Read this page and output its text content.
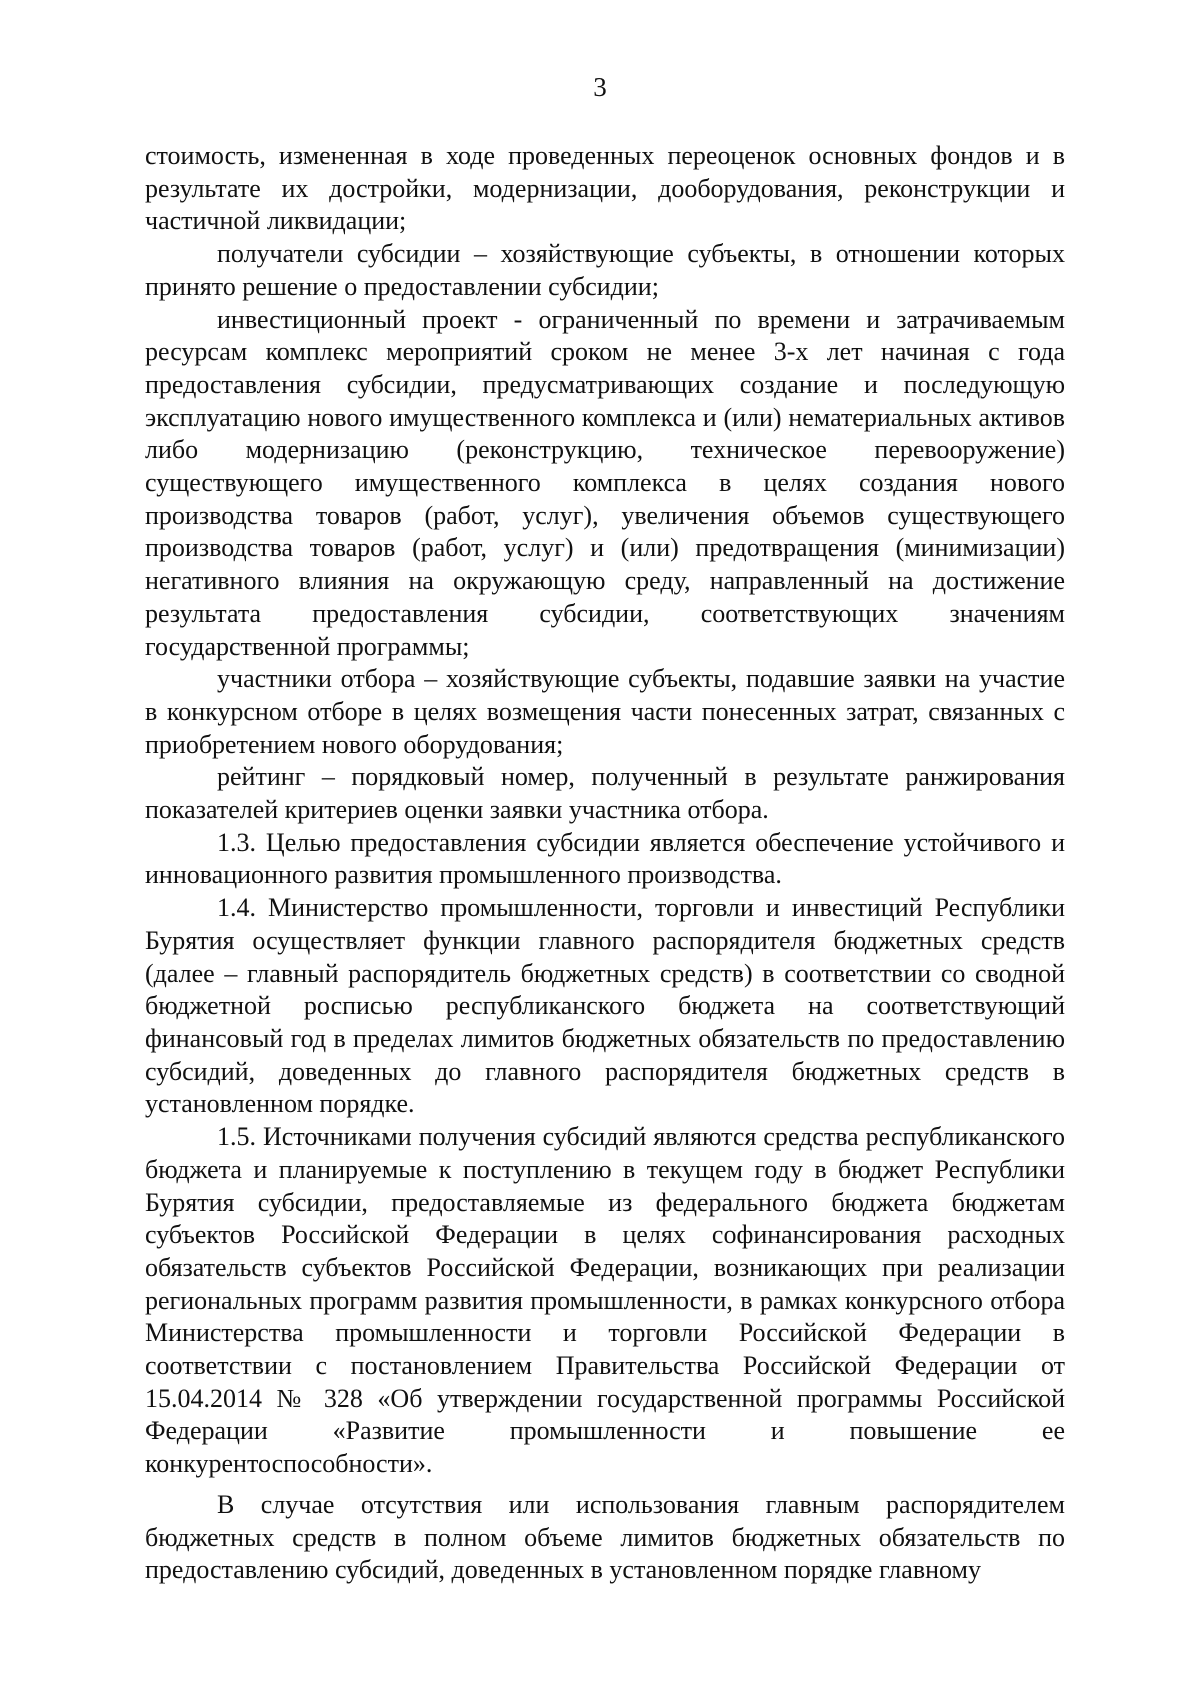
3

стоимость, измененная в ходе проведенных переоценок основных фондов и в результате их достройки, модернизации, дооборудования, реконструкции и частичной ликвидации;

получатели субсидии – хозяйствующие субъекты, в отношении которых принято решение о предоставлении субсидии;

инвестиционный проект - ограниченный по времени и затрачиваемым ресурсам комплекс мероприятий сроком не менее 3-х лет начиная с года предоставления субсидии, предусматривающих создание и последующую эксплуатацию нового имущественного комплекса и (или) нематериальных активов либо модернизацию (реконструкцию, техническое перевооружение) существующего имущественного комплекса в целях создания нового производства товаров (работ, услуг), увеличения объемов существующего производства товаров (работ, услуг) и (или) предотвращения (минимизации) негативного влияния на окружающую среду, направленный на достижение результата предоставления субсидии, соответствующих значениям государственной программы;

участники отбора – хозяйствующие субъекты, подавшие заявки на участие в конкурсном отборе в целях возмещения части понесенных затрат, связанных с приобретением нового оборудования;

рейтинг – порядковый номер, полученный в результате ранжирования показателей критериев оценки заявки участника отбора.

1.3. Целью предоставления субсидии является обеспечение устойчивого и инновационного развития промышленного производства.

1.4. Министерство промышленности, торговли и инвестиций Республики Бурятия осуществляет функции главного распорядителя бюджетных средств (далее – главный распорядитель бюджетных средств) в соответствии со сводной бюджетной росписью республиканского бюджета на соответствующий финансовый год в пределах лимитов бюджетных обязательств по предоставлению субсидий, доведенных до главного распорядителя бюджетных средств в установленном порядке.

1.5. Источниками получения субсидий являются средства республиканского бюджета и планируемые к поступлению в текущем году в бюджет Республики Бурятия субсидии, предоставляемые из федерального бюджета бюджетам субъектов Российской Федерации в целях софинансирования расходных обязательств субъектов Российской Федерации, возникающих при реализации региональных программ развития промышленности, в рамках конкурсного отбора Министерства промышленности и торговли Российской Федерации в соответствии с постановлением Правительства Российской Федерации от 15.04.2014 № 328 «Об утверждении государственной программы Российской Федерации «Развитие промышленности и повышение ее конкурентоспособности».

В случае отсутствия или использования главным распорядителем бюджетных средств в полном объеме лимитов бюджетных обязательств по предоставлению субсидий, доведенных в установленном порядке главному
